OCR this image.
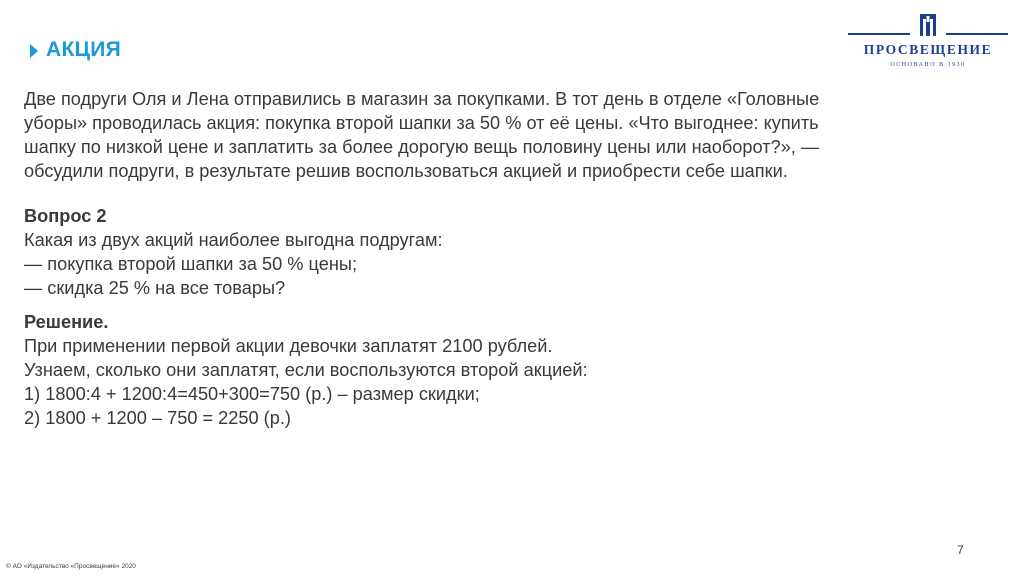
АКЦИЯ	ПРОСВЕЩЕНИЕ
ОСНОВАНО В 1930
Две подруги Оля и Лена отправились в магазин за покупками. В тот день в отделе «Головные
уборы» проводилась акция: покупка второй шапки за 50 % от её цены. «Что выгоднее: купить
шапку по низкой цене и заплатить за более дорогую вещь половину цены или наоборот?», —
обсудили подруги, в результате решив воспользоваться акцией и приобрести себе шапки.
Вопрос 2
Какая из двух акций наиболее выгодна подругам:
— покупка второй шапки за 50 % цены;
— скидка 25 % на все товары?
Решение.
При применении первой акции девочки заплатят 2100 рублей.
Узнаем, сколько они заплатят, если воспользуются второй акцией:
1) 1800:4 + 1200:4=450+300=750 (р.) – размер скидки;
2) 1800 + 1200 – 750 = 2250 (р.)
7
© АО «Издательство «Просвещение» 2020
